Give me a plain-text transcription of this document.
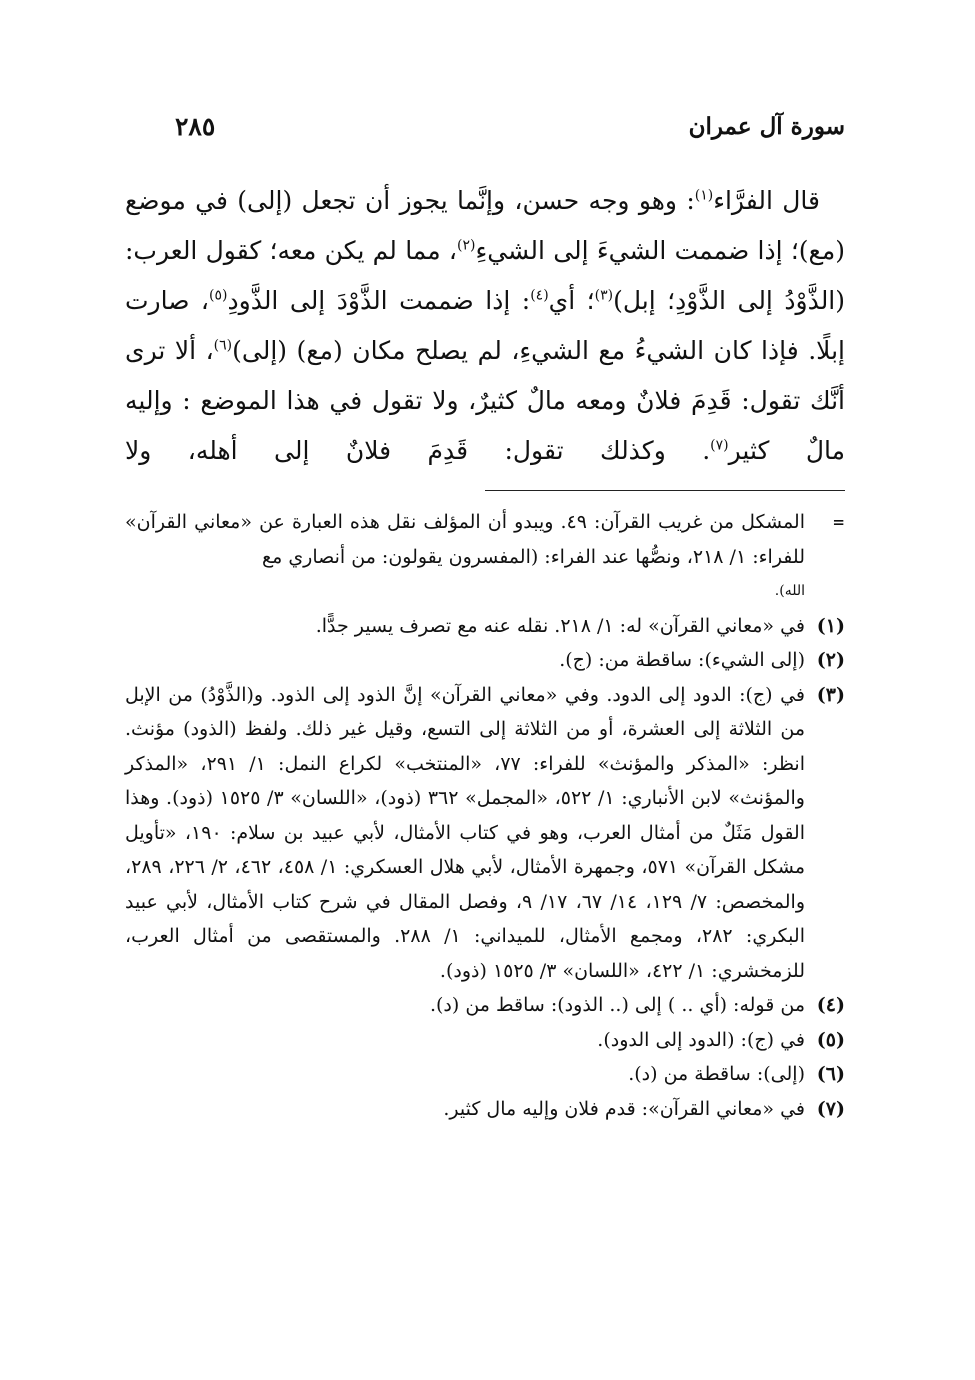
سورة آل عمران
٢٨٥

 قال الفرَّاء$^{(١)}$: وهو وجه حسن، وإنَّما يجوز أن تجعل (إلى) في موضع (مع)؛ إذا ضممت الشيءَ إلى الشيءِ$^{(٢)}$، مما لم يكن معه؛ كقول العرب: (الذَّوْدُ إلى الذَّوْدِ؛ إبل)$^{(٣)}$؛ أي$^{(٤)}$: إذا ضممت الذَّوْدَ إلى الذَّودِ$^{(٥)}$، صارت إبلًا. فإذا كان الشيءُ مع الشيءِ، لم يصلح مكان (مع) (إلى)$^{(٦)}$، ألا ترى أنَّك تقول: قَدِمَ فلانٌ ومعه مالٌ كثيرٌ، ولا تقول في هذا الموضع : وإليه مالٌ كثير$^{(٧)}$. وكذلك تقول: قَدِمَ فلانٌ إلى أهله، ولا

=
المشكل من غريب القرآن: ٤٩. ويبدو أن المؤلف نقل هذه العبارة عن «معاني القرآن» للفراء: ١/ ٢١٨، ونصُّها عند الفراء: (المفسرون يقولون: من أنصاري مع
الله).
(١)
في «معاني القرآن» له: ١/ ٢١٨. نقله عنه مع تصرف يسير جدًّا.
(٢)
(إلى الشيء): ساقطة من: (ج).
(٣)
في (ج): الدود إلى الدود. وفي «معاني القرآن» إنَّ الذود إلى الذود. و(الذَّوْدُ) من الإبل من الثلاثة إلى العشرة، أو من الثلاثة إلى التسع، وقيل غير ذلك. ولفظ (الذود) مؤنث. انظر: «المذكر والمؤنث» للفراء: ٧٧، «المنتخب» لكراع النمل: ١/ ٢٩١، «المذكر والمؤنث» لابن الأنباري: ١/ ٥٢٢، «المجمل» ٣٦٢ (ذود)، «اللسان» ٣/ ١٥٢٥ (ذود). وهذا القول مَثَلٌ من أمثال العرب، وهو في كتاب الأمثال، لأبي عبيد بن سلام: ١٩٠، «تأويل مشكل القرآن» ٥٧١، وجمهرة الأمثال، لأبي هلال العسكري: ١/ ٤٥٨، ٤٦٢، ٢/ ٢٢٦، ٢٨٩، والمخصص: ٧/ ١٢٩، ١٤/ ٦٧، ١٧/ ٩، وفصل المقال في شرح كتاب الأمثال، لأبي عبيد البكري: ٢٨٢، ومجمع الأمثال، للميداني: ١/ ٢٨٨. والمستقصى من أمثال العرب، للزمخشري: ١/ ٤٢٢، «اللسان» ٣/ ١٥٢٥ (ذود).
(٤)
من قوله: (أي .. ) إلى (.. الذود): ساقط من (د).
(٥)
في (ج): (الدود إلى الدود).
(٦)
(إلى): ساقطة من (د).
(٧)
في «معاني القرآن»: قدم فلان وإليه مال كثير.
